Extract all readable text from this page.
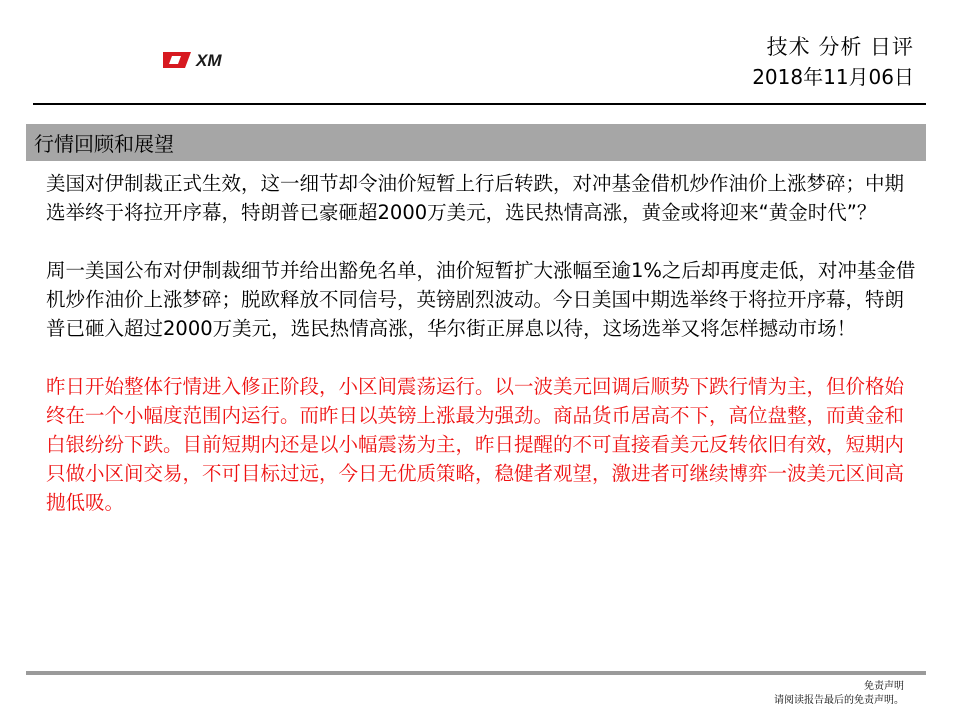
XM
技术 分析 日评
2018年11月06日
行情回顾和展望

美国对伊制裁正式生效，这一细节却令油价短暂上行后转跌，对冲基金借机炒作油价上涨梦碎；中期选举终于将拉开序幕，特朗普已豪砸超2000万美元，选民热情高涨，黄金或将迎来“黄金时代”？

周一美国公布对伊制裁细节并给出豁免名单，油价短暂扩大涨幅至逾1%之后却再度走低，对冲基金借机炒作油价上涨梦碎；脱欧释放不同信号，英镑剧烈波动。今日美国中期选举终于将拉开序幕，特朗普已砸入超过2000万美元，选民热情高涨，华尔街正屏息以待，这场选举又将怎样撼动市场！

昨日开始整体行情进入修正阶段，小区间震荡运行。以一波美元回调后顺势下跌行情为主，但价格始终在一个小幅度范围内运行。而昨日以英镑上涨最为强劲。商品货币居高不下，高位盘整，而黄金和白银纷纷下跌。目前短期内还是以小幅震荡为主，昨日提醒的不可直接看美元反转依旧有效，短期内只做小区间交易，不可目标过远，今日无优质策略，稳健者观望，激进者可继续博弈一波美元区间高抛低吸。

免责声明
请阅读报告最后的免责声明。
